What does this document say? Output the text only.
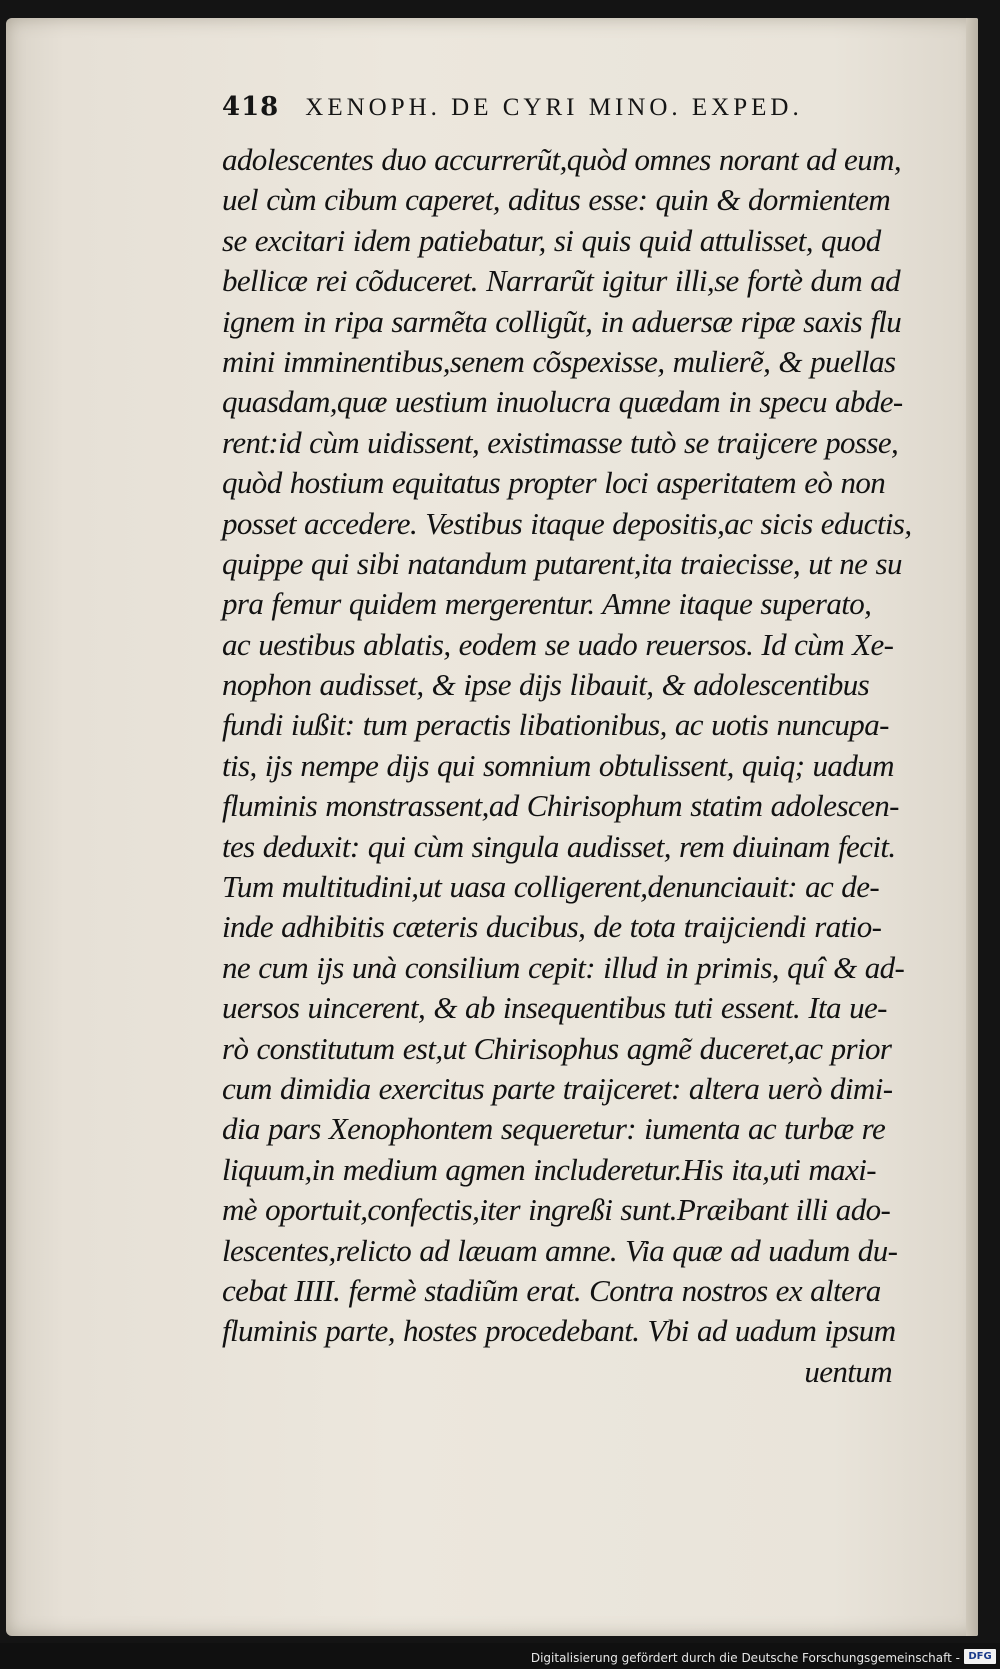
418 XENOPH. DE CYRI MINO. EXPED.
adolescentes duo accurrerũt,quòd omnes norant ad eum,
uel cùm cibum caperet, aditus esse: quin & dormientem
se excitari idem patiebatur, si quis quid attulisset, quod
bellicæ rei cõduceret. Narrarũt igitur illi,se fortè dum ad
ignem in ripa sarmẽta colligũt, in aduersæ ripæ saxis flu
mini imminentibus,senem cõspexisse, mulierẽ, & puellas
quasdam,quæ uestium inuolucra quædam in specu abde-
rent:id cùm uidissent, existimasse tutò se traijcere posse,
quòd hostium equitatus propter loci asperitatem eò non
posset accedere. Vestibus itaque depositis,ac sicis eductis,
quippe qui sibi natandum putarent,ita traiecisse, ut ne su
pra femur quidem mergerentur. Amne itaque superato,
ac uestibus ablatis, eodem se uado reuersos. Id cùm Xe-
nophon audisset, & ipse dijs libauit, & adolescentibus
fundi iußit: tum peractis libationibus, ac uotis nuncupa-
tis, ijs nempe dijs qui somnium obtulissent, quiq; uadum
fluminis monstrassent,ad Chirisophum statim adolescen-
tes deduxit: qui cùm singula audisset, rem diuinam fecit.
Tum multitudini,ut uasa colligerent,denunciauit: ac de-
inde adhibitis cæteris ducibus, de tota traijciendi ratio-
ne cum ijs unà consilium cepit: illud in primis, quî & ad-
uersos uincerent, & ab insequentibus tuti essent. Ita ue-
rò constitutum est,ut Chirisophus agmẽ duceret,ac prior
cum dimidia exercitus parte traijceret: altera uerò dimi-
dia pars Xenophontem sequeretur: iumenta ac turbæ re
liquum,in medium agmen includeretur.His ita,uti maxi-
mè oportuit,confectis,iter ingreßi sunt.Præibant illi ado-
lescentes,relicto ad læuam amne. Via quæ ad uadum du-
cebat IIII. fermè stadiũm erat. Contra nostros ex altera
fluminis parte, hostes procedebant. Vbi ad uadum ipsum
uentum
Digitalisierung gefördert durch die Deutsche Forschungsgemeinschaft - DFG
